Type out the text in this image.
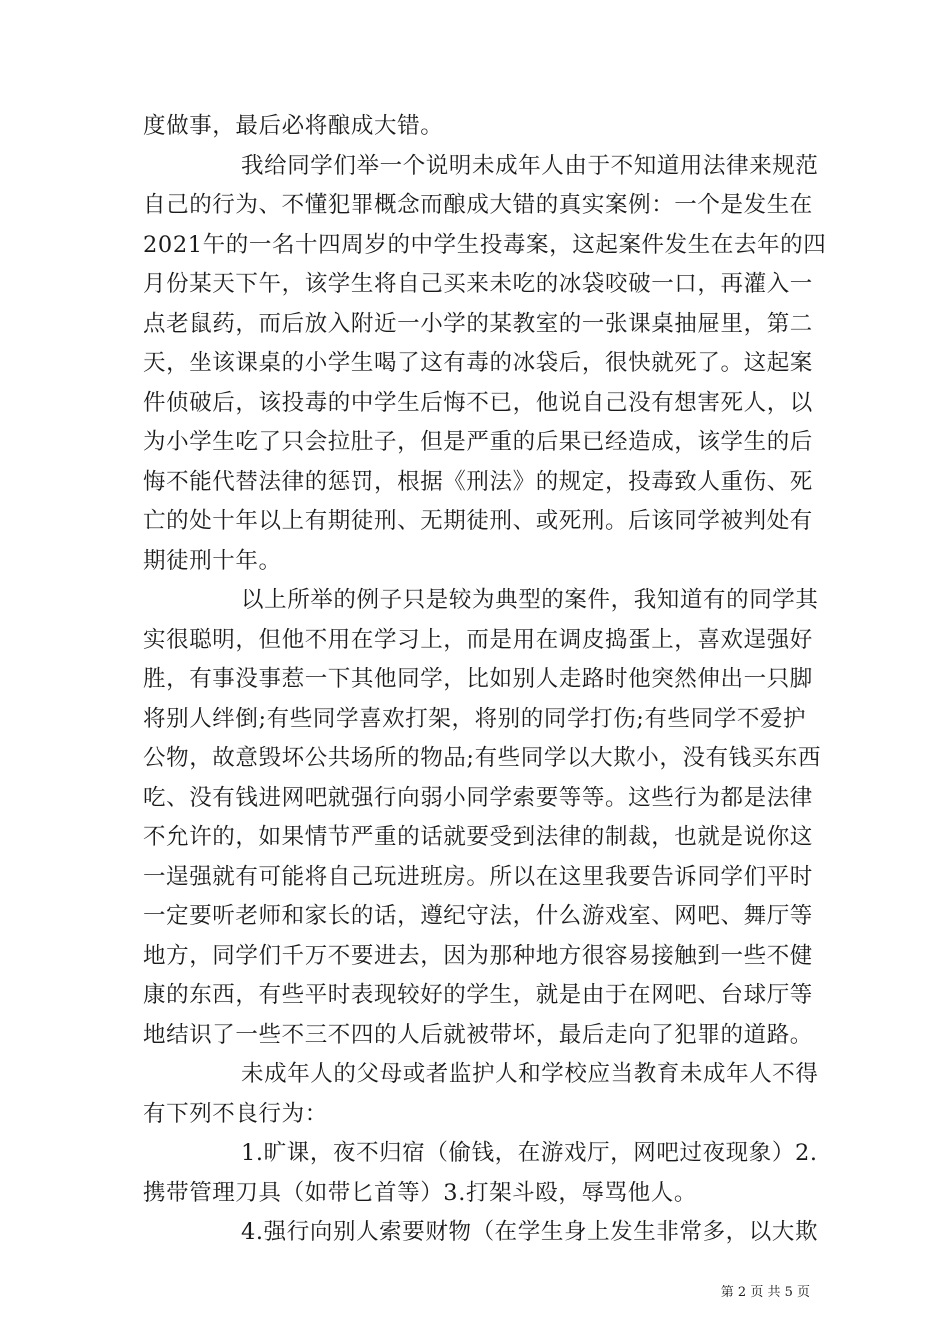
度做事，最后必将酿成大错。
我给同学们举一个说明未成年人由于不知道用法律来规范
自己的行为、不懂犯罪概念而酿成大错的真实案例：一个是发生在
2021午的一名十四周岁的中学生投毒案，这起案件发生在去年的四
月份某天下午，该学生将自己买来未吃的冰袋咬破一口，再灌入一
点老鼠药，而后放入附近一小学的某教室的一张课桌抽屉里，第二
天，坐该课桌的小学生喝了这有毒的冰袋后，很快就死了。这起案
件侦破后，该投毒的中学生后悔不已，他说自己没有想害死人，以
为小学生吃了只会拉肚子，但是严重的后果已经造成，该学生的后
悔不能代替法律的惩罚，根据《刑法》的规定，投毒致人重伤、死
亡的处十年以上有期徒刑、无期徒刑、或死刑。后该同学被判处有
期徒刑十年。
以上所举的例子只是较为典型的案件，我知道有的同学其
实很聪明，但他不用在学习上，而是用在调皮捣蛋上，喜欢逞强好
胜，有事没事惹一下其他同学，比如别人走路时他突然伸出一只脚
将别人绊倒;有些同学喜欢打架，将别的同学打伤;有些同学不爱护
公物，故意毁坏公共场所的物品;有些同学以大欺小，没有钱买东西
吃、没有钱进网吧就强行向弱小同学索要等等。这些行为都是法律
不允许的，如果情节严重的话就要受到法律的制裁，也就是说你这
一逞强就有可能将自己玩进班房。所以在这里我要告诉同学们平时
一定要听老师和家长的话，遵纪守法，什么游戏室、网吧、舞厅等
地方，同学们千万不要进去，因为那种地方很容易接触到一些不健
康的东西，有些平时表现较好的学生，就是由于在网吧、台球厅等
地结识了一些不三不四的人后就被带坏，最后走向了犯罪的道路。
未成年人的父母或者监护人和学校应当教育未成年人不得
有下列不良行为：
1.旷课，夜不归宿（偷钱，在游戏厅，网吧过夜现象）2.
携带管理刀具（如带匕首等）3.打架斗殴，辱骂他人。
4.强行向别人索要财物（在学生身上发生非常多，以大欺
第 2 页 共 5 页
